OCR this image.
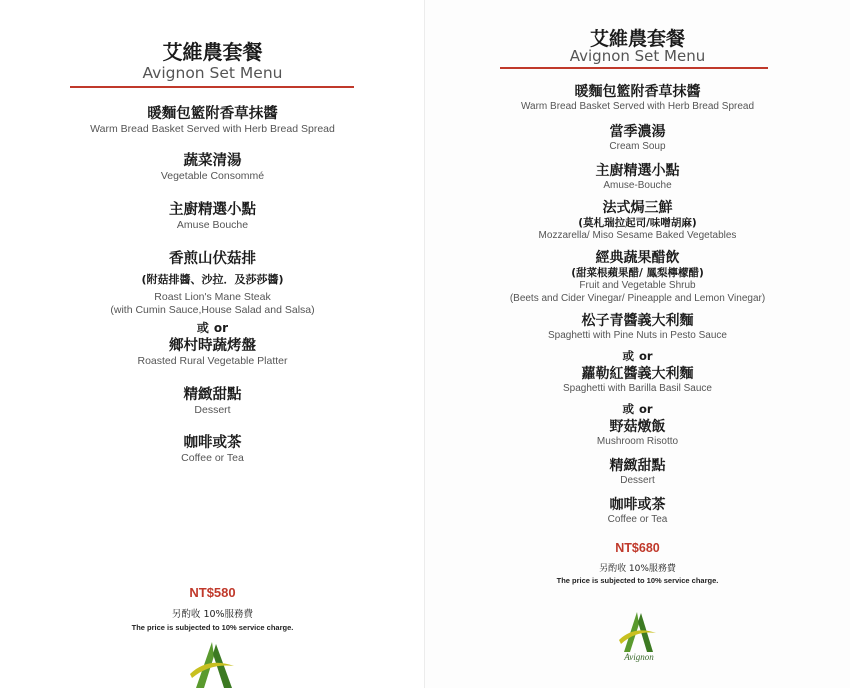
艾維農套餐
Avignon Set Menu
暖麵包籃附香草抹醬
Warm Bread Basket Served with Herb Bread Spread
蔬菜清湯
Vegetable Consommé
主廚精選小點
Amuse Bouche
香煎山伏菇排
(附菇排醬、沙拉．及莎莎醬)
Roast Lion's Mane Steak
(with Cumin Sauce,House Salad and Salsa)
或 or
鄉村時蔬烤盤
Roasted Rural Vegetable Platter
精緻甜點
Dessert
咖啡或茶
Coffee or Tea
NT$580
另酌收 10%服務費
The price is subjected to 10% service charge.
艾維農套餐
Avignon Set Menu
暖麵包籃附香草抹醬
Warm Bread Basket Served with Herb Bread Spread
當季濃湯
Cream Soup
主廚精選小點
Amuse-Bouche
法式焗三鮮
(莫札瑞拉起司/味噌胡麻)
Mozzarella/ Miso Sesame Baked Vegetables
經典蔬果醋飲
(甜菜根蘋果醋/ 鳳梨檸檬醋)
Fruit and Vegetable Shrub
(Beets and Cider Vinegar/ Pineapple and Lemon Vinegar)
松子青醬義大利麵
Spaghetti with Pine Nuts in Pesto Sauce
或 or
蘿勒紅醬義大利麵
Spaghetti with Barilla Basil Sauce
或 or
野菇燉飯
Mushroom Risotto
精緻甜點
Dessert
咖啡或茶
Coffee or Tea
NT$680
另酌收 10%服務費
The price is subjected to 10% service charge.
Avignon
